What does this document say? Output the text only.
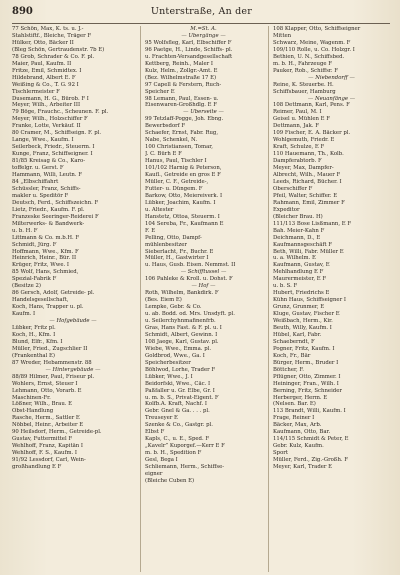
890	Unterstraße, An der
77 Schön, Max, K. ts. u. J.-
Stahlstiftf., Bleiche, Träger F
Hülker, Otto, Bäcker II
(Bleg Schön, Gertraudenstr. 7b E)
78 Grob, Schrader & Co. F. pl.
Maier, Paul, Kaufm. II
Fritze, Emil, Schmidtex. I
Hildebrand, Albert E. F
Weißing & Co., T. G. 92 I
Tischlermeister F
Dusemann, H. G., Bürob. F I
Meyer, Wilh., Arbeiter III
79 Böge, Frauchc., Scheunen. F. pl.
Meyer, Wilh., Holzschiffer F
Franke, Lotte, Verkäuf. II
80 Cramer, M., Schiffseign. F. pl.
Lange, Wwe., Kaufm. I
Seilerbeck, Friedr., Steuerm. I
Kunge, Franz, Schiffseigner. I
81/85 Kreisag & Co., Karo-
toffelgr. u. Gerst. F
Hammann, Willi, Leutn. F
84 „Elbschiffahrt
Schüssler, Franz, Schiffs-
makler u. Speditör F
Deutsch, Ferd., Schiffszeichn. F
Lietz, Friedr., Kaufm. F. pl.
Franzeske Seeringer-Reiderei F
Milterwerks- & Bandwerk-
u. b. H. F
Littmann & Co. m.b.H. F
Schmidt, Jürg. F
Hoffmann, Wwe., Kfm. F
Heinrich, Heinr., Bür. II
Krüger, Fritz, Wwe. I
85 Wolf, Hans, Schmied,
Spezial-Fabrik F
(Besitze 2)
86 Gersch, Adolf, Getreide- pl.
Handelsgesellschaft,
Koch, Hans, Trapper u. pl.
Kaufm. I
— Hofgebäude —
Lübker, Fritz pl.
Koch, H., Kfm. I
Blund, Elfr., Kfm. I
Müller, Fried., Zugschlier II
(Frankenthal E)
87 Wreder, Hebammenstr. 88
— Hintergebäude —
88/89 Hilmer, Paul, Friseur pl.
Wohlers, Ernst, Steuer I
Lehmann, Otto, Vorarb. E
Maschinen-Fr.
Lößner, Wilh., Brau. E
Obst-Handlung
Rasche, Herm., Sattler E
Nöbbel, Heinr., Arbeiter E
90 Heilsdorf, Herm., Getreide-pl.
Gustav, Futtermittel F
Wehlhoff, Franz, Kapitän I
Wehlhoff, F. S., Kaufm. I
91/92 Lessdorf, Carl, Wein-
großhandlung E F
M.=St. A.
— Übergänge —
95 Wolfsfleg, Karl, Elbschiffer F
96 Paetge, H., Linde, Schiffs- pl.
u. Frachten-Versandgesellschaft
Kettberg, Reinh., Maler I
Kulz, Helm., Zollgr.-Amt. E
(Bez. Wilhelmstraße 17 E)
97 Capell & Ferstern, Ruch-
Speicher E
98 Lemann, Paul, Essen- u.
Eisenwaren-Großhdlg. E F
— Überseite —
99 Tetzlaff-Pogge, Joh. Ebng.
Bewerbsdorf F
Schaefer, Ernst, Fabr. Rug,
Nabe, Schenkel, N.
100 Christiansen, Tomar,
J. C. Bürh E F
Hanus, Paul, Tischler I
101/102 Harnig & Peterson,
Kaufl., Getreide en gros E F
Müller, C. F., Getreide-,
Futter- u. Düngem. F
Barkow, Otto, Meiereiverk. I
Lübker, Joachim, Kaufm. I
u. Ältester
Hanstetz, Ottoa, Steuerm. I
104 Sereba, Fr., Kaufmann E
F. E
Pelling, Otto, Dampf-
mühlenbesitzer
Sieberlacht, Fr., Buchr. E
Müller, H., Gastwirter I
u. Haus, Gusb. Eisen. Nemmst. II
— Schifftussel —
106 Pahleke & Kroll. u. Dohst. F
— Hof —
Roth, Wilhelm, Bankdirk. F
(Bes. Eiem E)
Lempke, Gebr. & Co.
u. ab. Bodd. od. Mrs. Unsdyft. pl.
u. Seilerchyhnmafinenfrb.
Gras, Hans Fast. & F. pl. u. I
Schmidt, Albert, Gewinn. I
108 Jaege, Karl, Gustav. pl.
Wiebe, Wwe., Emma. pl.
Goldbrod, Wwe., Ga. I
Speicherbesitzer
Böhlwod, Lorhe, Trader F
Lübker, Wwe., J. I
Beidorfski, Wwe., Cäc. I
Paßfaller u. Gr. Elbe, Gr. I
u. m. b. S., Privat-Eigent. F
Kolfb.A. Kraft, Nachf. I
Gebr. Gnel & Ga. . . . pl.
Treuseyer E
Szenke & Co., Gastgr. pl.
Elbst F
Kapls, C., u. E., Sped. F
„Kavelr” Kuporgef.—Kerr E F
m. b. H., Spedition F
Gesl, Bega I
Schliemann, Herm., Schiffse-
eigner
(Bleiche Cuben E)
108 Klapper, Otto, Schiffseigner
Mitten
Schwarz, Meine, Wagenm. F
109/110 Rolle, u. Co. Holzgr. I
Bethien, U. N., Schiffsbed.
m. b. H., Fahrzeuge F
Pauker, Rob., Schiffsr. F
— Niebendorff —
Reine, K. Steuerbe. H.
Schiffsbauer, Hamburg
— Neuanfänge —
108 Dettmann, Karl, Pens. F
Reimer, Paul, M. I
Geisel u. Mühlen E F
Dettmann, Jak. F
109 Fischer, E. A. Bäcker pl.
Wohlgemuth, Friedr. E
Kraft, Schulze, E F
110 Hauemann, Th., Kolb.
Dampferabtorb. F
Meyer, Max, Dampfer-
Albrecht, Wilh., Mauer F
Leeds, Richard, Bücher. I
Oberschiffer F
Pfeil, Walter, Schiffer. E
Rahmann, Emil, Zimmer F
Expeditor
(Bleicher Brau. H)
111/113 Bose Lisßmann, E F
Bah. Meier-Kahn F
Deichmann, D., E
Kaufmannsgeschäft F
Beth, Willi, Fabr. Müller E
u. a. Wilhelm. E
Kaufmann, Gustav, E
Mehlhandlung E F
Maurermeister, E F
u. b. S. F
Hubert, Friedrichs E
Kühn Haus, Schiffseigner I
Grunz, Grunmer, E
Kluge, Gustav, Fischer E
Weißbach, Herm., Kir.
Beuth, Willy, Kaufm. I
Hübel, Karl, Fabr.
Schaeberndt, F
Pogner, Fritz, Kaufm. I
Koch, Fr., Bär
Bürger, Herm., Bruder I
Böttcher, F.
Pflügner, Otto, Zimmer. I
Heininger, Fran., Wilh. I
Berning, Fritz, Schneider
Herberger, Herm. E
(Nelsen. Bar. E)
113 Brandt, Willi, Kaufm. I
Frage, Reiner I
Bäcker, Max, Arb.
Kaufmann, Otto, Bar.
114/115 Schmidt & Peter, E
Gebr. Kulz, Kaufm.
Sport
Müller, Ferd., Zig.-Großh. F
Meyer, Karl, Trader E
